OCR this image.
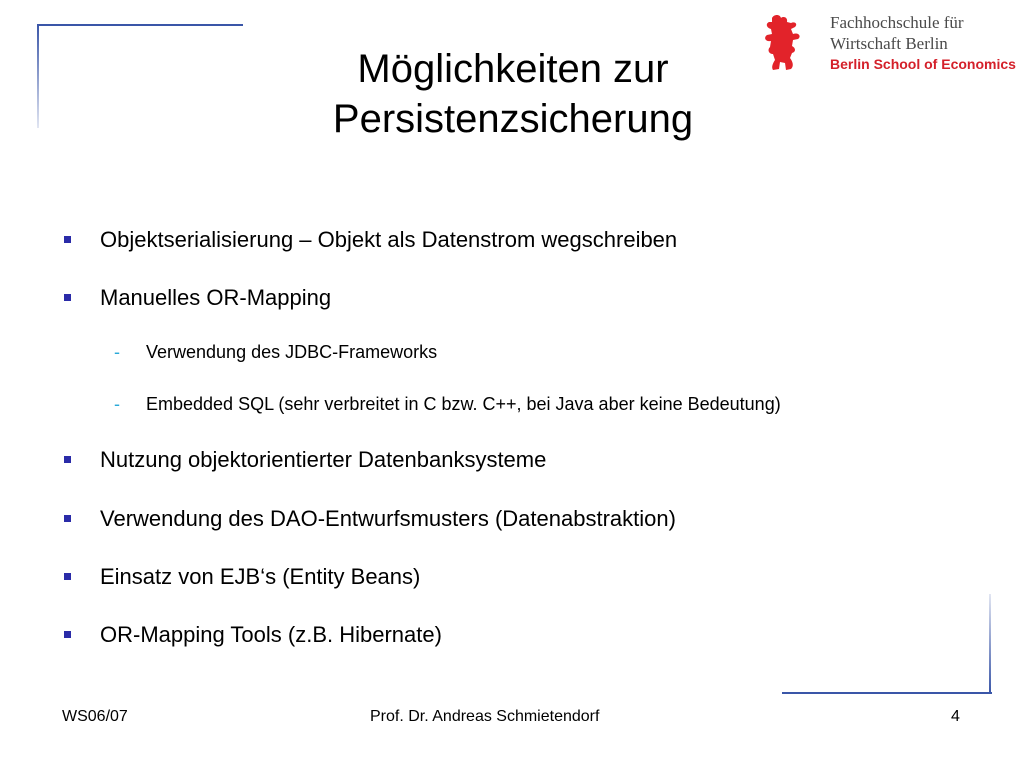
Möglichkeiten zur
Persistenzsicherung
Fachhochschule für
Wirtschaft Berlin
Berlin School of Economics
Objektserialisierung – Objekt als Datenstrom wegschreiben
Manuelles OR-Mapping
- Verwendung des JDBC-Frameworks
- Embedded SQL (sehr verbreitet in C bzw. C++, bei Java aber keine Bedeutung)
Nutzung objektorientierter Datenbanksysteme
Verwendung des DAO-Entwurfsmusters (Datenabstraktion)
Einsatz von EJB‘s (Entity Beans)
OR-Mapping Tools (z.B. Hibernate)
WS06/07	Prof. Dr. Andreas Schmietendorf	4
